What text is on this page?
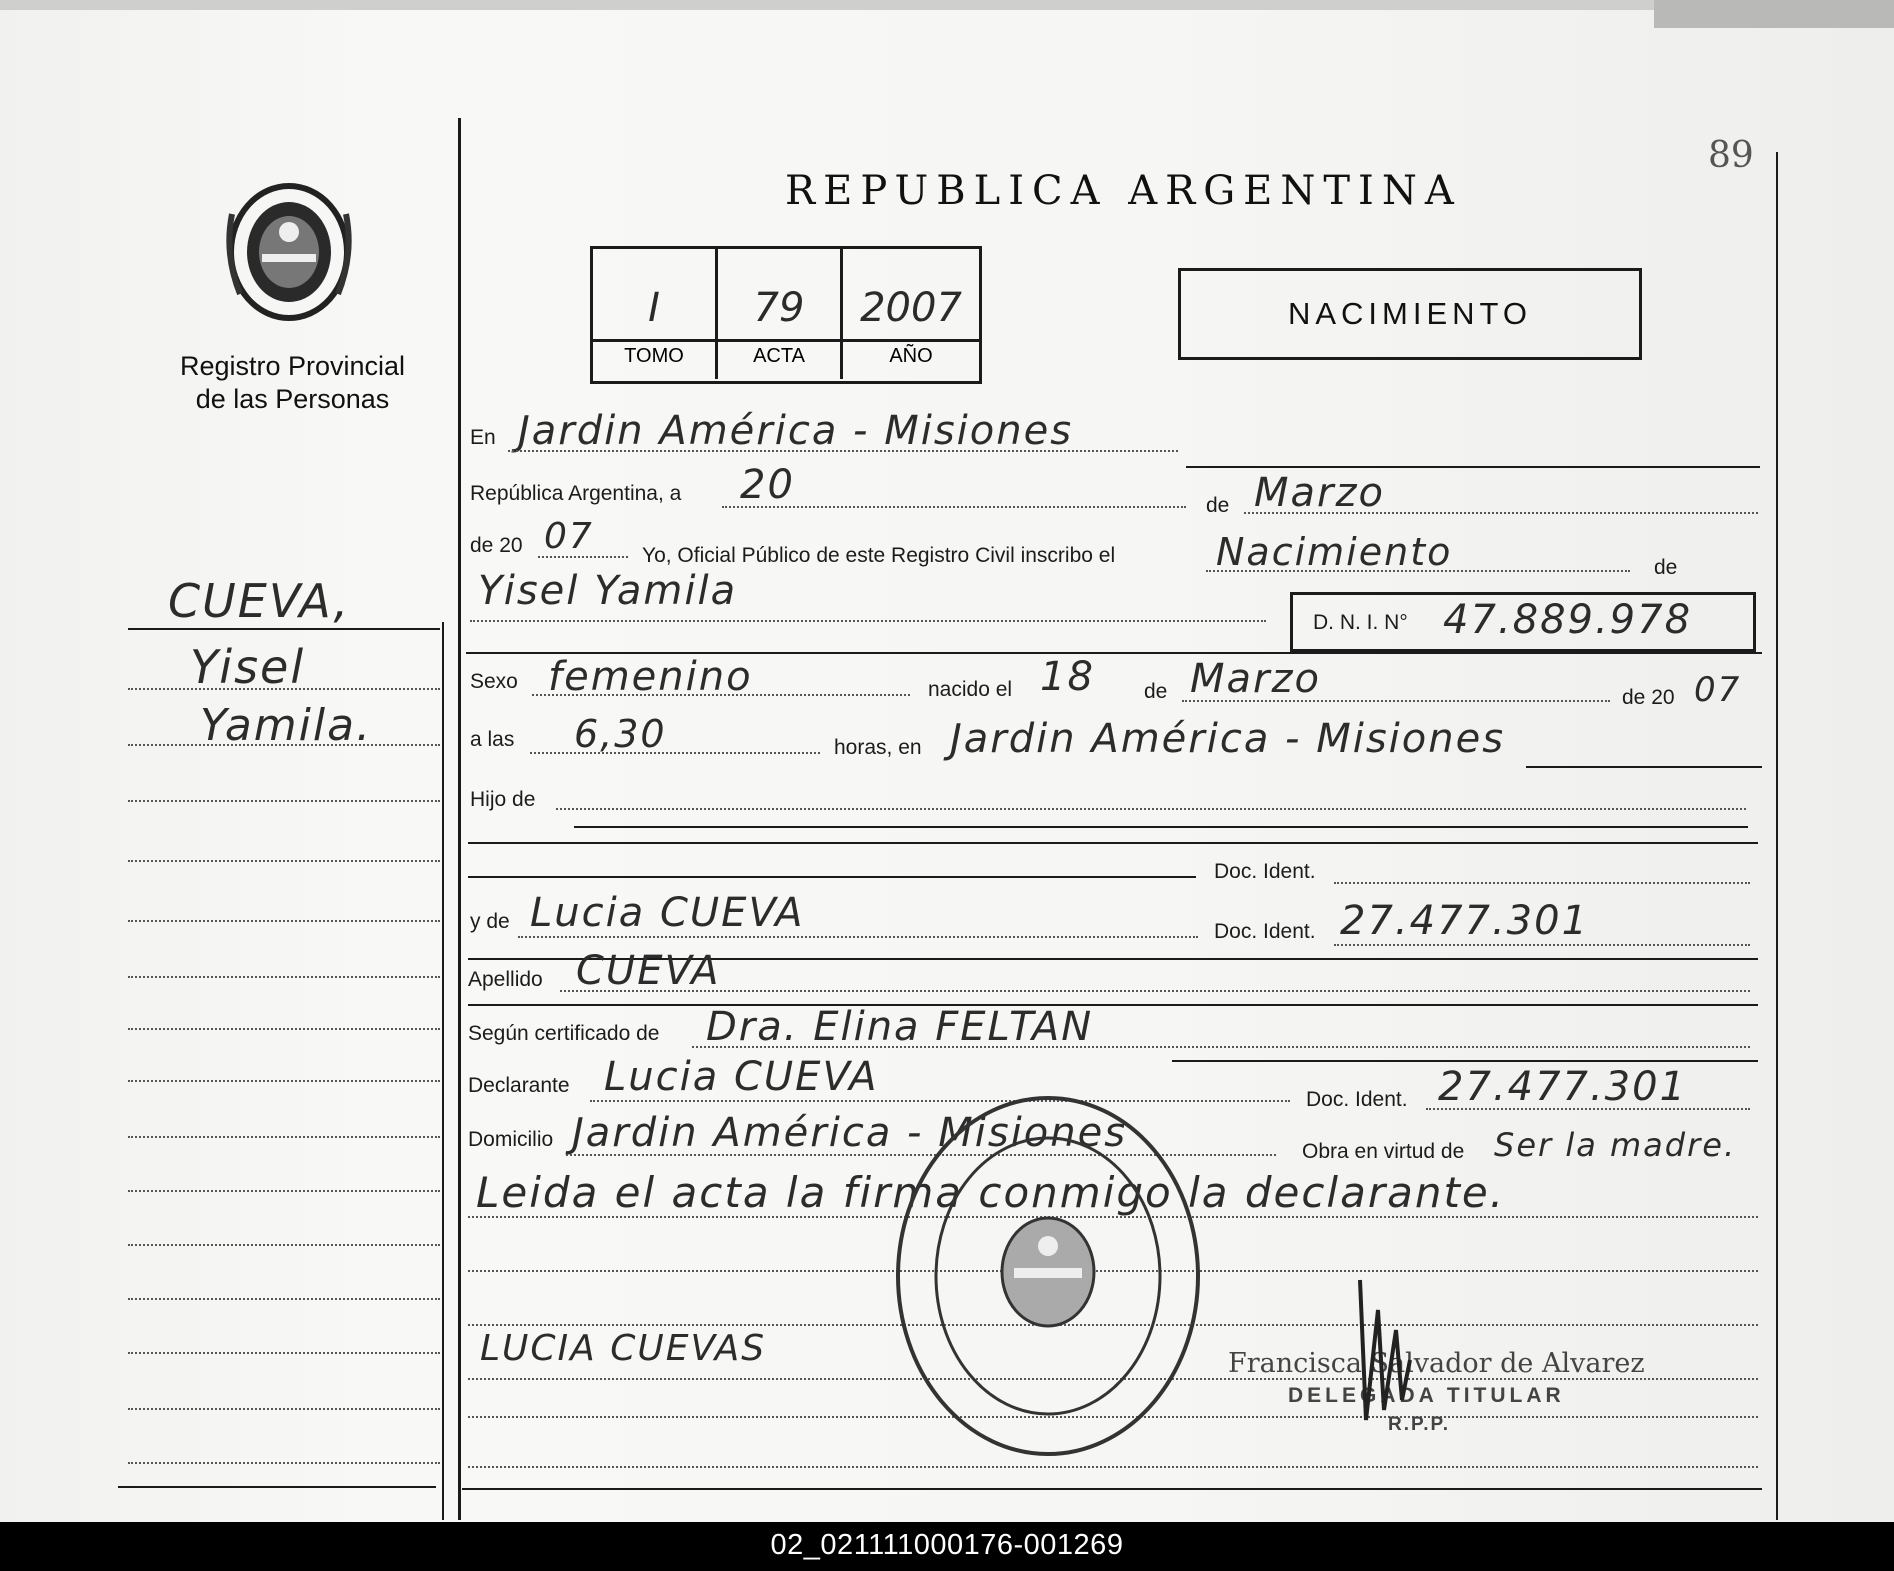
Registro Provincial
de las Personas
REPUBLICA ARGENTINA
89
I
TOMO
79
ACTA
2007
AÑO
NACIMIENTO
CUEVA,
Yisel
Yamila.
En Jardin América - Misiones
República Argentina, a 20	de Marzo
de 20 07 Yo, Oficial Público de este Registro Civil inscribo el	Nacimiento	de
Yisel Yamila
D. N. I. N° 47.889.978
Sexo femenino	nacido el 18 de Marzo	de 20 07
a las 6,30	horas, en Jardin América - Misiones
Hijo de
Doc. Ident.
y de Lucia CUEVA	Doc. Ident. 27.477.301
Apellido CUEVA
Según certificado de Dra. Elina FELTAN
Declarante Lucia CUEVA	Doc. Ident. 27.477.301
Domicilio Jardin América - Misiones	Obra en virtud de Ser la madre.
Leida el acta la firma conmigo la declarante.
LUCIA CUEVAS	Francisca Salvador de Alvarez
DELEGADA TITULAR
R.P.P.
02_021111000176-001269
